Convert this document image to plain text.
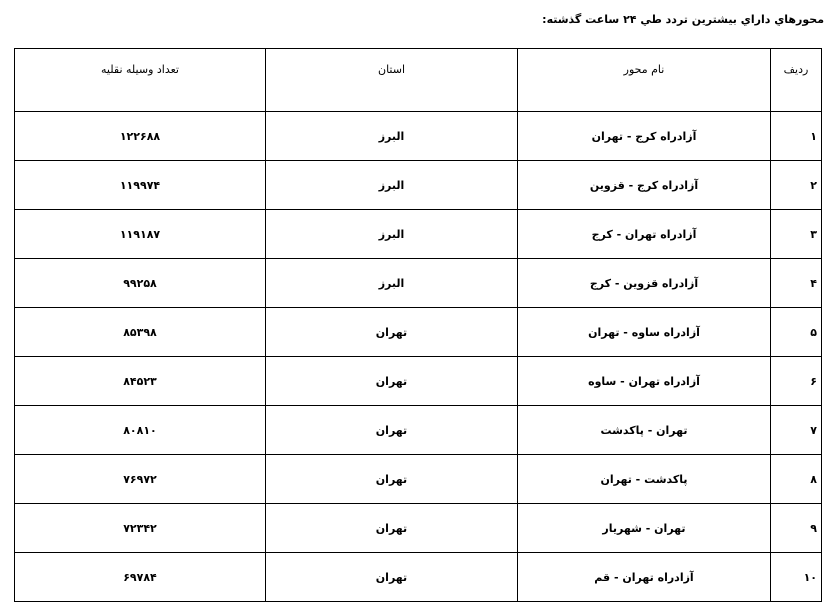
محورهاي داراي بيشترين تردد طي ۲۴ ساعت گذشته:
رديف	نام محور	استان	تعداد وسيله نقليه
۱	آزادراه کرج - تهران	البرز	۱۲۲۶۸۸
۲	آزادراه کرج - قزوین	البرز	۱۱۹۹۷۴
۳	آزادراه تهران - کرج	البرز	۱۱۹۱۸۷
۴	آزادراه قزوین - کرج	البرز	۹۹۲۵۸
۵	آزادراه ساوه - تهران	تهران	۸۵۳۹۸
۶	آزادراه تهران - ساوه	تهران	۸۴۵۲۳
۷	تهران - پاکدشت	تهران	۸۰۸۱۰
۸	پاکدشت - تهران	تهران	۷۶۹۷۲
۹	تهران - شهریار	تهران	۷۲۳۴۲
۱۰	آزادراه تهران - قم	تهران	۶۹۷۸۴
